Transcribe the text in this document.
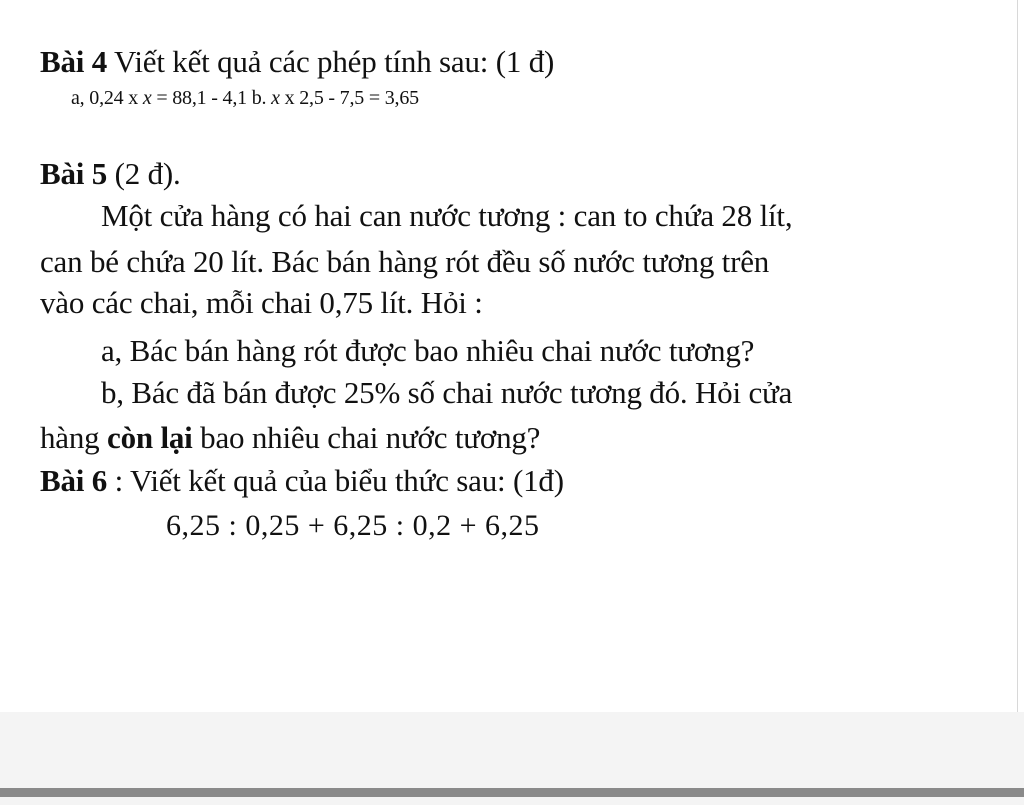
Bài 4 Viết kết quả các phép tính sau: (1 đ)
a, 0,24 x x = 88,1 - 4,1 b. x x 2,5 - 7,5 = 3,65
Bài 5 (2 đ).
Một cửa hàng có hai can nước tương : can to chứa 28 lít,
can bé chứa 20 lít. Bác bán hàng rót đều số nước tương trên
vào các chai, mỗi chai 0,75 lít. Hỏi :
a, Bác bán hàng rót được bao nhiêu chai nước tương?
b, Bác đã bán được 25% số chai nước tương đó. Hỏi cửa
hàng còn lại bao nhiêu chai nước tương?
Bài 6 : Viết kết quả của biểu thức sau: (1đ)
6,25 : 0,25 + 6,25 : 0,2 + 6,25
